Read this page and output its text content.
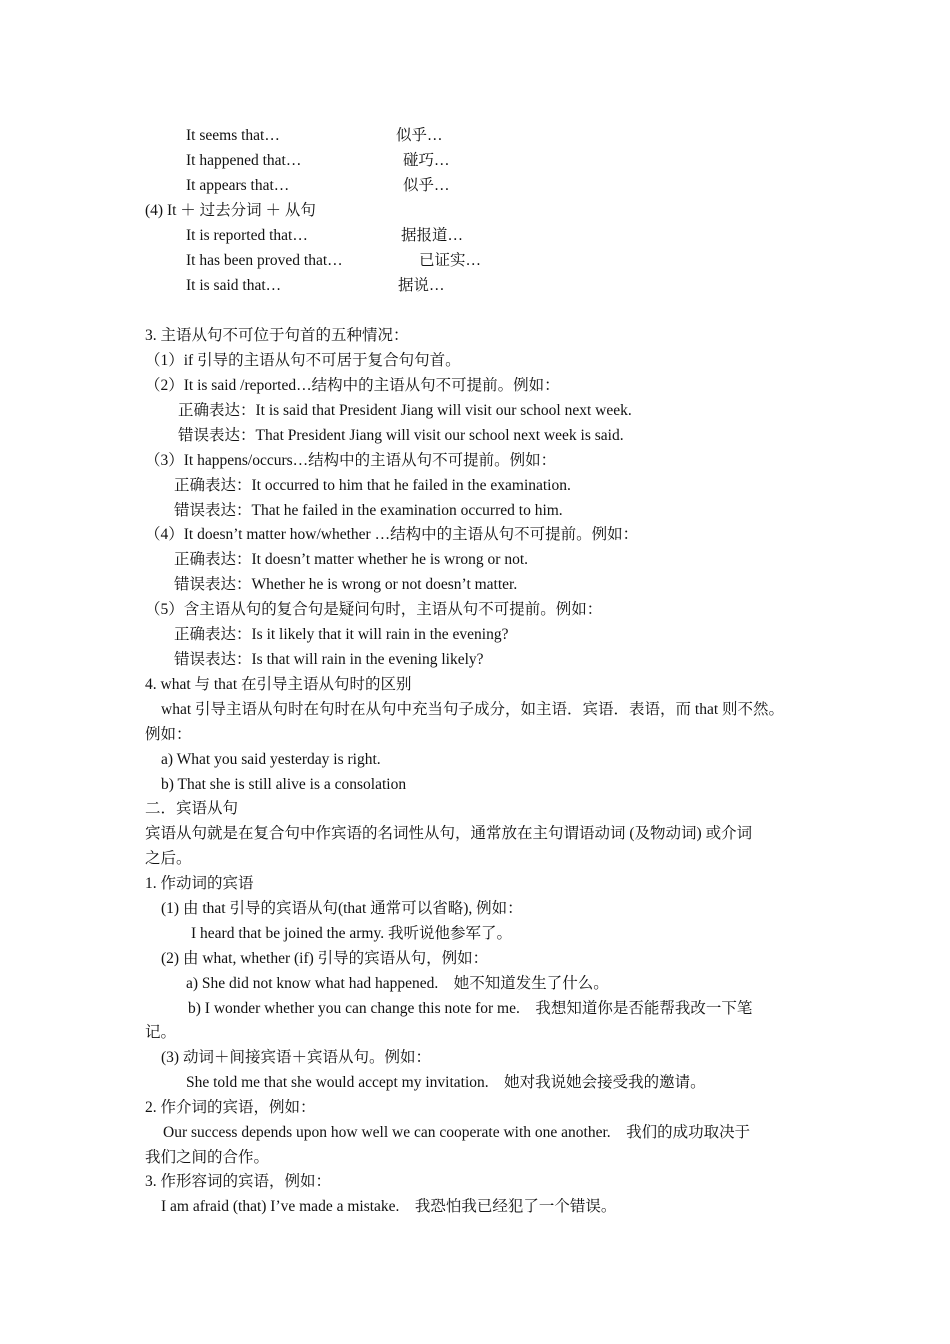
It seems that…	似乎…
It happened that…	碰巧…
It appears that…	似乎…
(4) It ＋ 过去分词 ＋ 从句
It is reported that…	据报道…
It has been proved that…	已证实…
It is said that…	据说…
3. 主语从句不可位于句首的五种情况：
（1）if 引导的主语从句不可居于复合句句首。
（2）It is said /reported…结构中的主语从句不可提前。例如：
正确表达：It is said that President Jiang will visit our school next week.
错误表达：That President Jiang will visit our school next week is said.
（3）It happens/occurs…结构中的主语从句不可提前。例如：
正确表达：It occurred to him that he failed in the examination.
错误表达：That he failed in the examination occurred to him.
（4）It doesn’t matter how/whether …结构中的主语从句不可提前。例如：
正确表达：It doesn’t matter whether he is wrong or not.
错误表达：Whether he is wrong or not doesn’t matter.
（5）含主语从句的复合句是疑问句时，主语从句不可提前。例如：
正确表达：Is it likely that it will rain in the evening?
错误表达：Is that will rain in the evening likely?
4. what 与 that 在引导主语从句时的区别
what 引导主语从句时在句时在从句中充当句子成分，如主语．宾语．表语，而 that 则不然。
例如：
a) What you said yesterday is right.
b) That she is still alive is a consolation
二．宾语从句
宾语从句就是在复合句中作宾语的名词性从句，通常放在主句谓语动词 (及物动词) 或介词
之后。
1. 作动词的宾语
(1) 由 that 引导的宾语从句(that 通常可以省略), 例如：
I heard that be joined the army. 我听说他参军了。
(2) 由 what, whether (if) 引导的宾语从句，例如：
a) She did not know what had happened.　她不知道发生了什么。
b) I wonder whether you can change this note for me.　我想知道你是否能帮我改一下笔
记。
(3) 动词＋间接宾语＋宾语从句。例如：
She told me that she would accept my invitation.　她对我说她会接受我的邀请。
2. 作介词的宾语，例如：
Our success depends upon how well we can cooperate with one another.　我们的成功取决于
我们之间的合作。
3. 作形容词的宾语，例如：
I am afraid (that) I’ve made a mistake.　我恐怕我已经犯了一个错误。
